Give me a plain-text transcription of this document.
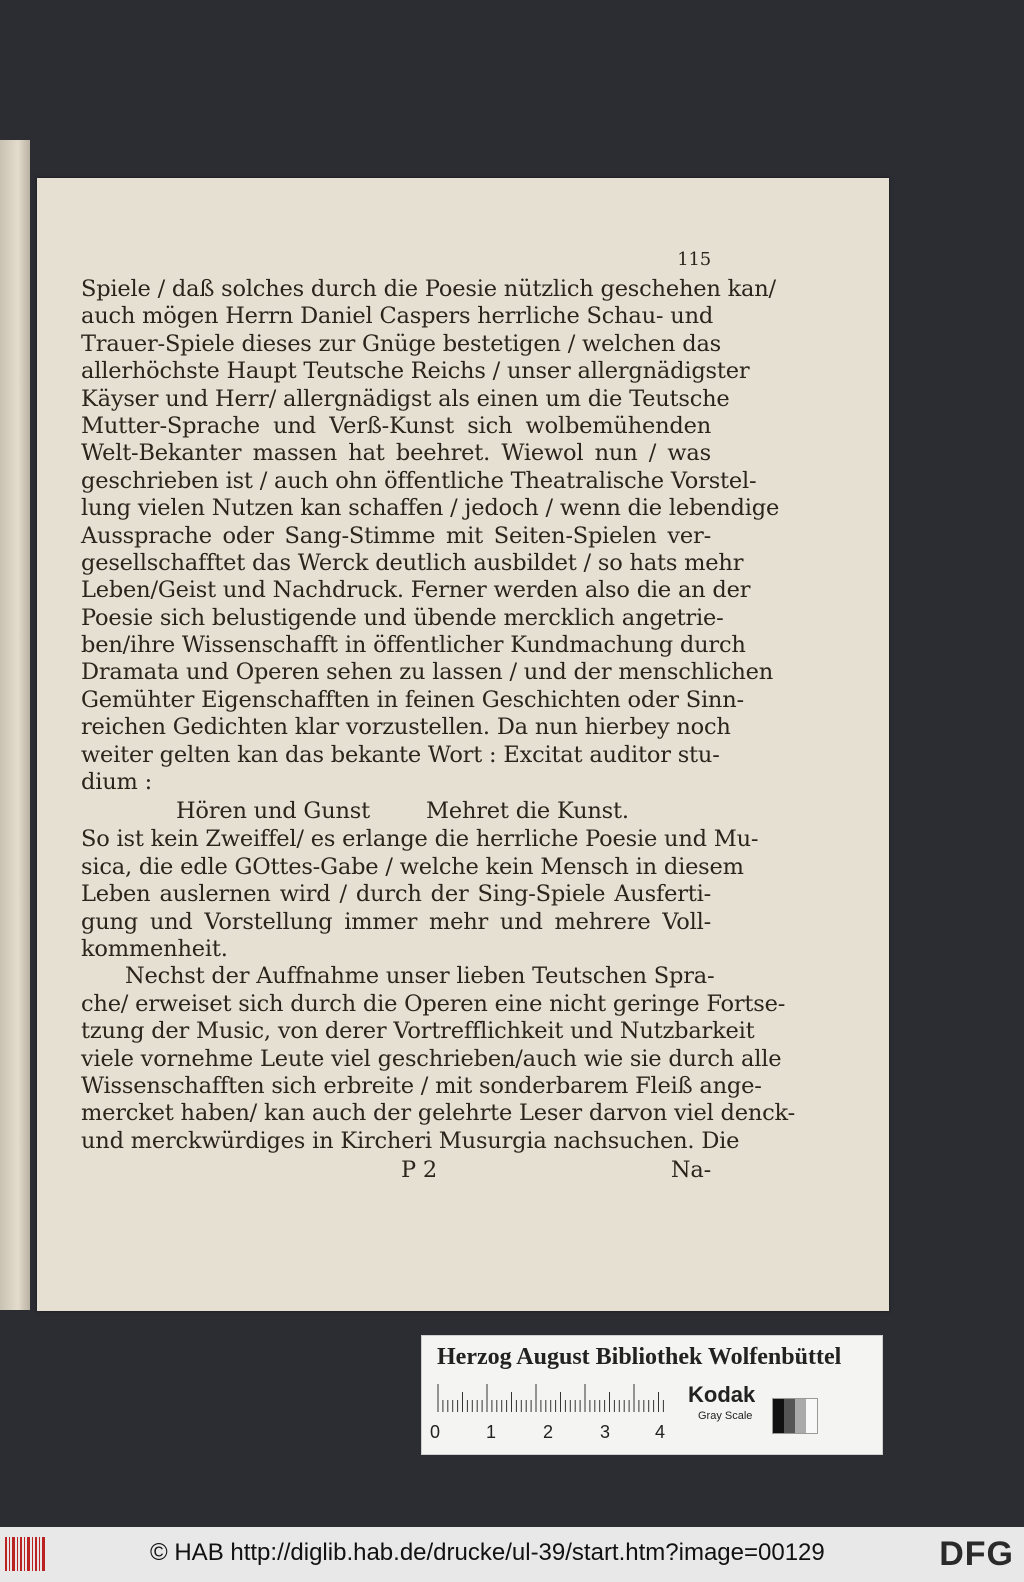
115
Spiele / daß solches durch die Poesie nützlich geschehen kan/
auch mögen Herrn Daniel Caspers herrliche Schau- und
Trauer-Spiele dieses zur Gnüge bestetigen / welchen das
allerhöchste Haupt Teutsche Reichs / unser allergnädigster
Käyser und Herr/ allergnädigst als einen um die Teutsche
Mutter-Sprache und Verß-Kunst sich wolbemühenden
Welt-Bekanter massen hat beehret. Wiewol nun / was
geschrieben ist / auch ohn öffentliche Theatralische Vorstel-
lung vielen Nutzen kan schaffen / jedoch / wenn die lebendige
Aussprache oder Sang-Stimme mit Seiten-Spielen ver-
gesellschafftet das Werck deutlich ausbildet / so hats mehr
Leben/Geist und Nachdruck. Ferner werden also die an der
Poesie sich belustigende und übende mercklich angetrie-
ben/ihre Wissenschafft in öffentlicher Kundmachung durch
Dramata und Operen sehen zu lassen / und der menschlichen
Gemühter Eigenschafften in feinen Geschichten oder Sinn-
reichen Gedichten klar vorzustellen. Da nun hierbey noch
weiter gelten kan das bekante Wort : Excitat auditor stu-
dium :
Hören und Gunst Mehret die Kunst.
So ist kein Zweiffel/ es erlange die herrliche Poesie und Mu-
sica, die edle GOttes-Gabe / welche kein Mensch in diesem
Leben auslernen wird / durch der Sing-Spiele Ausferti-
gung und Vorstellung immer mehr und mehrere Voll-
kommenheit.
Nechst der Auffnahme unser lieben Teutschen Spra-
che/ erweiset sich durch die Operen eine nicht geringe Fortse-
tzung der Music, von derer Vortrefflichkeit und Nutzbarkeit
viele vornehme Leute viel geschrieben/auch wie sie durch alle
Wissenschafften sich erbreite / mit sonderbarem Fleiß ange-
mercket haben/ kan auch der gelehrte Leser darvon viel denck-
und merckwürdiges in Kircheri Musurgia nachsuchen. Die
P 2	Na-
Herzog August Bibliothek Wolfenbüttel
0	1	2	3 4
Kodak
Gray Scale
© HAB http://diglib.hab.de/drucke/ul-39/start.htm?image=00129	DFG
